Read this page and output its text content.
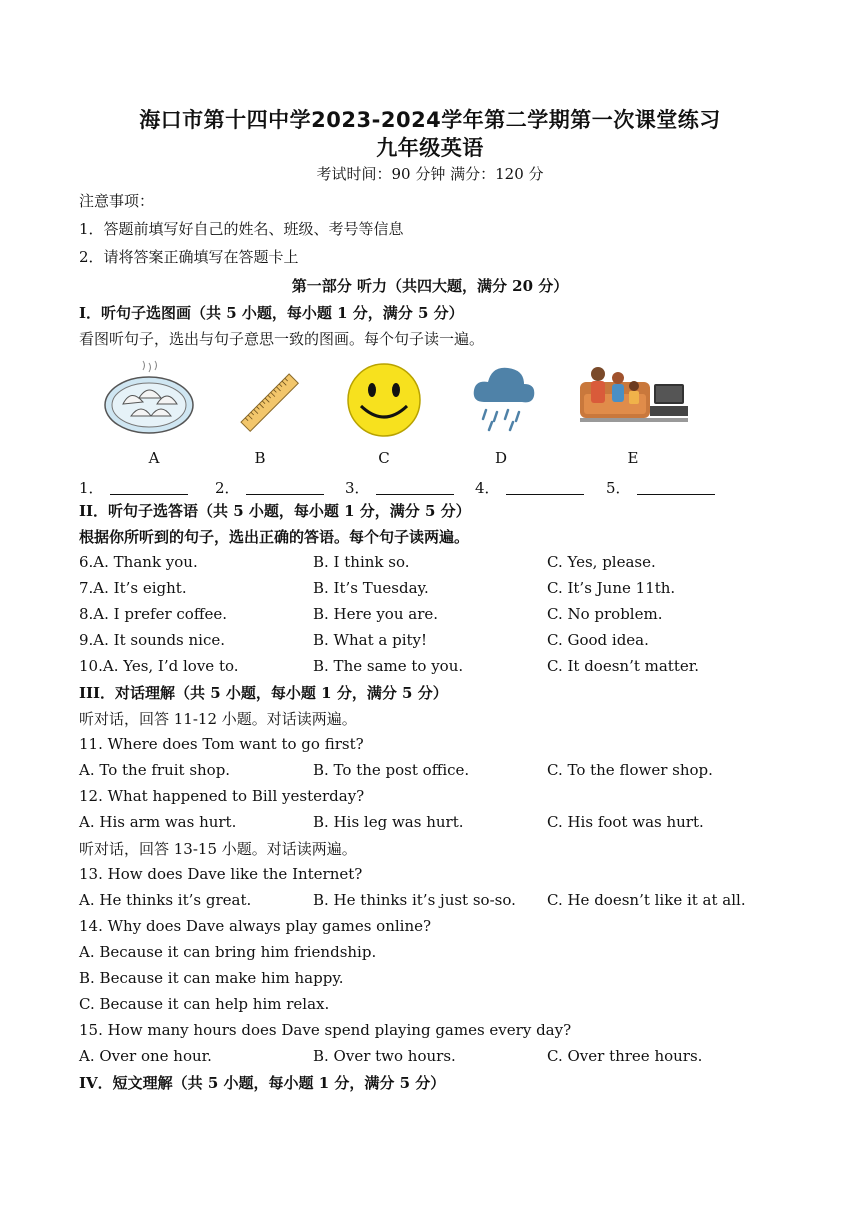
海口市第十四中学2023-2024学年第二学期第一次课堂练习
九年级英语
考试时间：90 分钟 满分：120 分
注意事项：
1．答题前填写好自己的姓名、班级、考号等信息
2．请将答案正确填写在答题卡上
第一部分 听力（共四大题，满分 20 分）
I．听句子选图画（共 5 小题，每小题 1 分，满分 5 分）
看图听句子，选出与句子意思一致的图画。每个句子读一遍。
A	B	C	D	E
1．	2．	3．	4．	5．
II．听句子选答语（共 5 小题，每小题 1 分，满分 5 分）
根据你所听到的句子，选出正确的答语。每个句子读两遍。
6.A. Thank you.	B. I think so.	C. Yes, please.
7.A. It’s eight.	B. It’s Tuesday.	C. It’s June 11th.
8.A. I prefer coffee.	B. Here you are.	C. No problem.
9.A. It sounds nice.	B. What a pity!	C. Good idea.
10.A. Yes, I’d love to.	B. The same to you.	C. It doesn’t matter.
III．对话理解（共 5 小题，每小题 1 分，满分 5 分）
听对话，回答 11-12 小题。对话读两遍。
11. Where does Tom want to go first?
A. To the fruit shop.	B. To the post office.	C. To the flower shop.
12. What happened to Bill yesterday?
A. His arm was hurt.	B. His leg was hurt.	C. His foot was hurt.
听对话，回答 13-15 小题。对话读两遍。
13. How does Dave like the Internet?
A. He thinks it’s great.	B. He thinks it’s just so-so. C. He doesn’t like it at all.
14. Why does Dave always play games online?
A. Because it can bring him friendship.
B. Because it can make him happy.
C. Because it can help him relax.
15. How many hours does Dave spend playing games every day?
A. Over one hour.	B. Over two hours.	C. Over three hours.
IV．短文理解（共 5 小题，每小题 1 分，满分 5 分）
